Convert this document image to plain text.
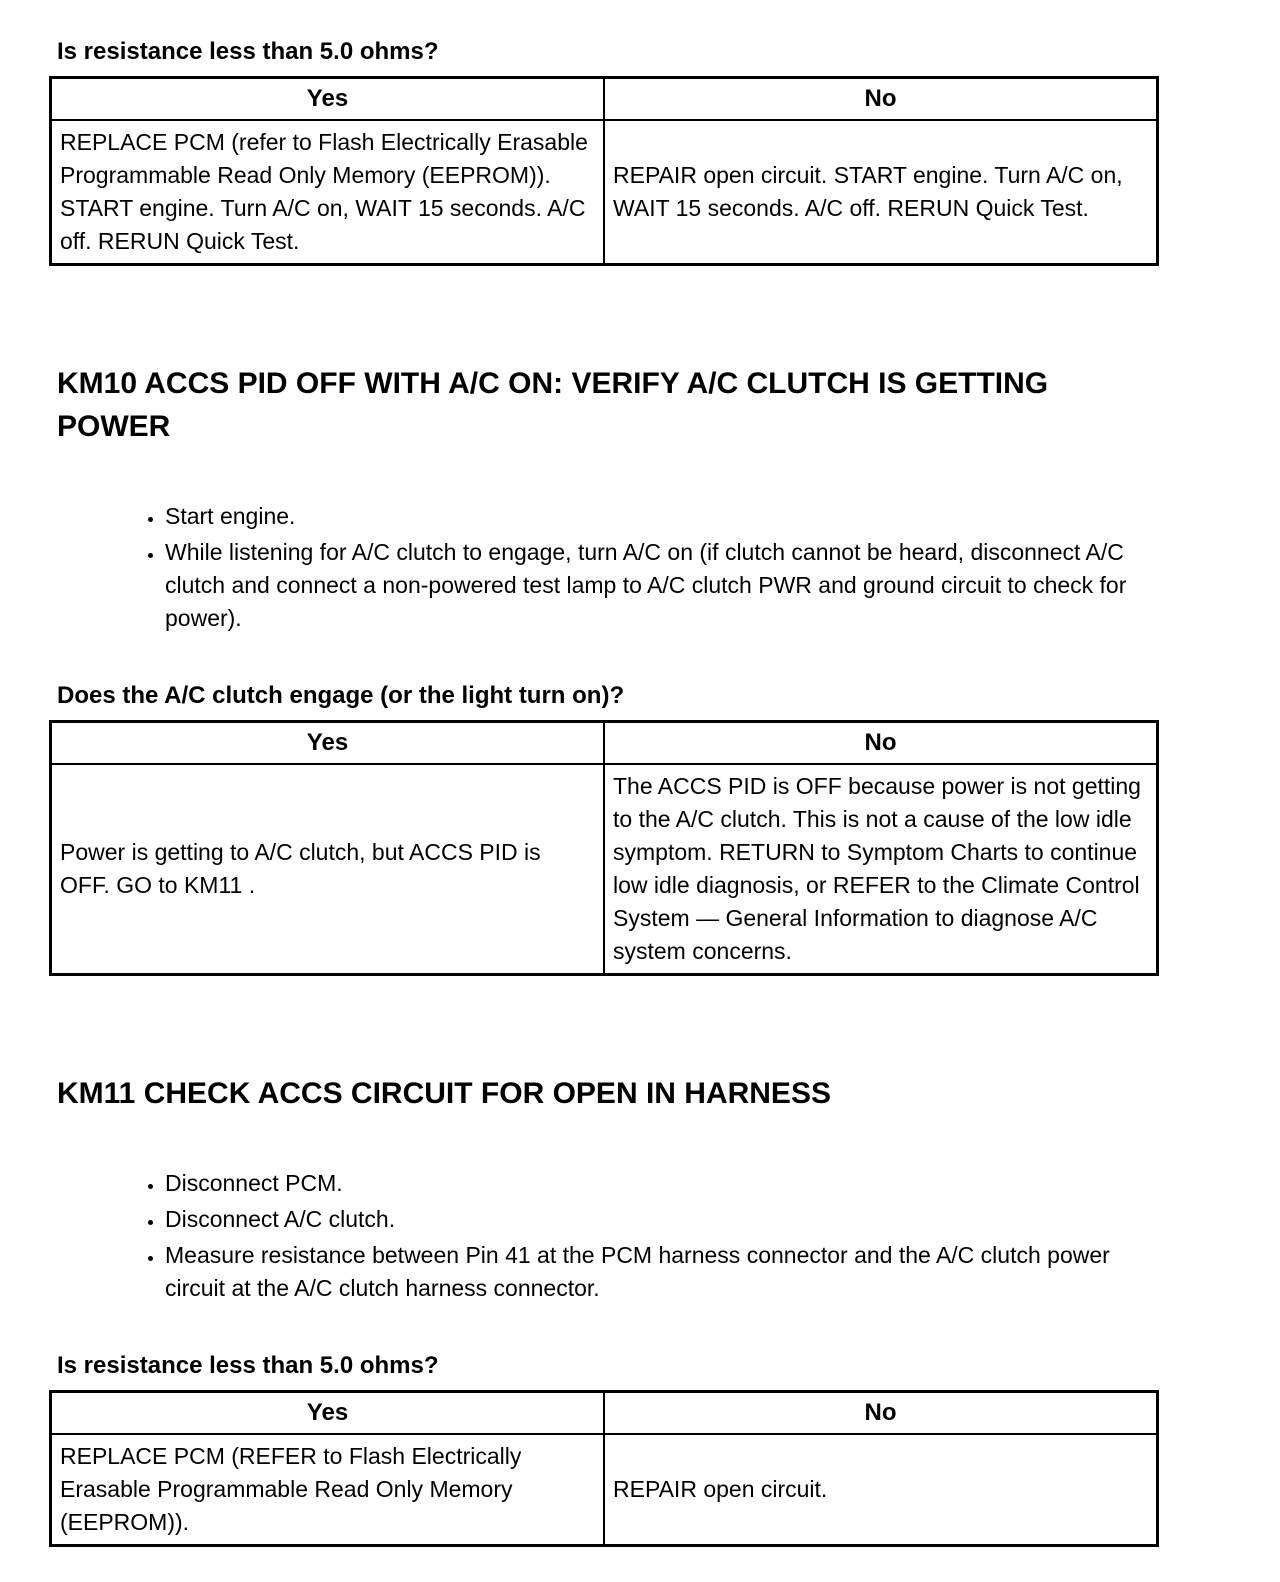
Is resistance less than 5.0 ohms?
Yes	No
REPLACE PCM (refer to Flash Electrically Erasable Programmable Read Only Memory (EEPROM)). START engine. Turn A/C on, WAIT 15 seconds. A/C off. RERUN Quick Test.	REPAIR open circuit. START engine. Turn A/C on, WAIT 15 seconds. A/C off. RERUN Quick Test.
KM10 ACCS PID OFF WITH A/C ON: VERIFY A/C CLUTCH IS GETTING POWER
• Start engine.
• While listening for A/C clutch to engage, turn A/C on (if clutch cannot be heard, disconnect A/C clutch and connect a non-powered test lamp to A/C clutch PWR and ground circuit to check for power).
Does the A/C clutch engage (or the light turn on)?
Yes	No
Power is getting to A/C clutch, but ACCS PID is OFF. GO to KM11 .	The ACCS PID is OFF because power is not getting to the A/C clutch. This is not a cause of the low idle symptom. RETURN to Symptom Charts to continue low idle diagnosis, or REFER to the Climate Control System — General Information to diagnose A/C system concerns.
KM11 CHECK ACCS CIRCUIT FOR OPEN IN HARNESS
• Disconnect PCM.
• Disconnect A/C clutch.
• Measure resistance between Pin 41 at the PCM harness connector and the A/C clutch power circuit at the A/C clutch harness connector.
Is resistance less than 5.0 ohms?
Yes	No
REPLACE PCM (REFER to Flash Electrically Erasable Programmable Read Only Memory (EEPROM)).	REPAIR open circuit.
